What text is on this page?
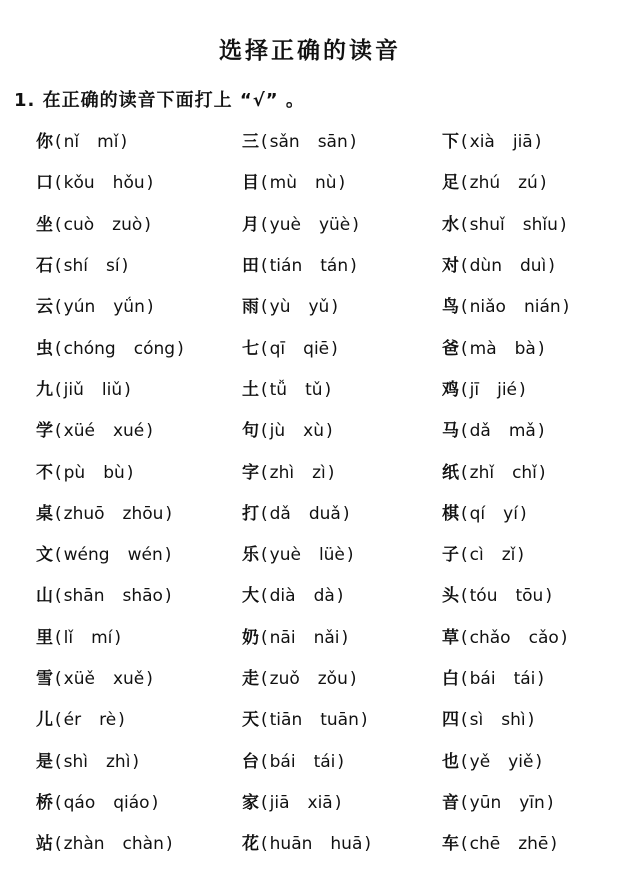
选择正确的读音
1. 在正确的读音下面打上 “√” 。
你 ( nǐ mǐ )	三 ( sǎn sān )	下 ( xià jiā )
口 ( kǒu hǒu )	目 ( mù nù )	足 ( zhú zú )
坐 ( cuò zuò )	月 ( yuè yüè )	水 ( shuǐ shǐu )
石 ( shí sí )	田 ( tián tán )	对 ( dùn duì )
云 ( yún yǘn )	雨 ( yù yǔ )	鸟 ( niǎo nián )
虫 ( chóng cóng )	七 ( qī qiē )	爸 ( mà bà )
九 ( jiǔ liǔ )	土 ( tǚ tǔ )	鸡 ( jī jié )
学 ( xüé xué )	句 ( jù xù )	马 ( dǎ mǎ )
不 ( pù bù )	字 ( zhì zì )	纸 ( zhǐ chǐ )
桌 ( zhuō zhōu )	打 ( dǎ duǎ )	棋 ( qí yí )
文 ( wéng wén )	乐 ( yuè lüè )	子 ( cì zǐ )
山 ( shān shāo )	大 ( dià dà )	头 ( tóu tōu )
里 ( lǐ mí )	奶 ( nāi nǎi )	草 ( chǎo cǎo )
雪 ( xüě xuě )	走 ( zuǒ zǒu )	白 ( bái tái )
儿 ( ér rè )	天 ( tiān tuān )	四 ( sì shì )
是 ( shì zhì )	台 ( bái tái )	也 ( yě yiě )
桥 ( qáo qiáo )	家 ( jiā xiā )	音 ( yūn yīn )
站 ( zhàn chàn )	花 ( huān huā )	车 ( chē zhē )
